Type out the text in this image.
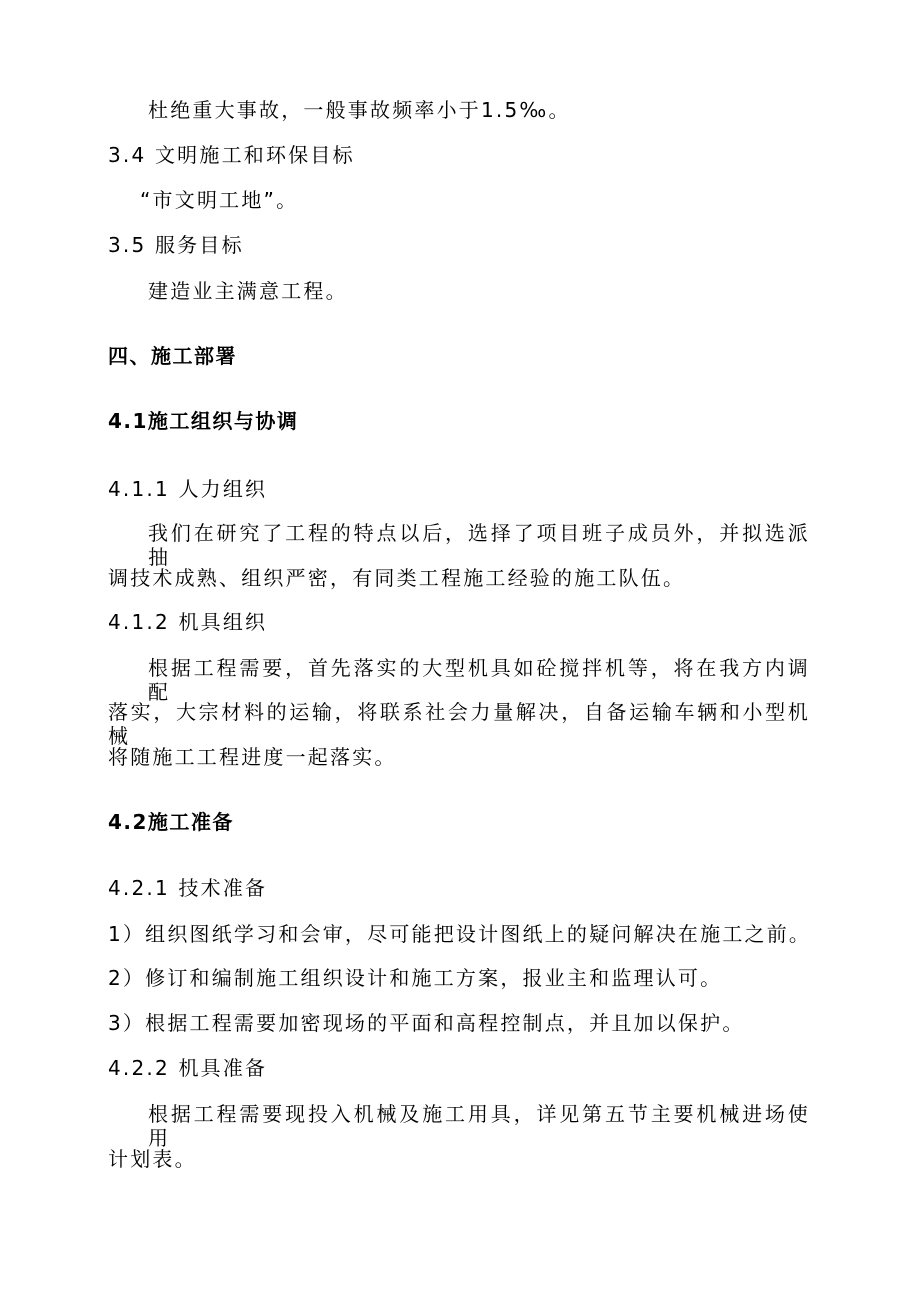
杜绝重大事故，一般事故频率小于1.5‰。
3.4 文明施工和环保目标
“市文明工地”。
3.5 服务目标
建造业主满意工程。
四、施工部署
4.1施工组织与协调
4.1.1 人力组织
我们在研究了工程的特点以后，选择了项目班子成员外，并拟选派抽
调技术成熟、组织严密，有同类工程施工经验的施工队伍。
4.1.2 机具组织
根据工程需要，首先落实的大型机具如砼搅拌机等，将在我方内调配
落实，大宗材料的运输，将联系社会力量解决，自备运输车辆和小型机械
将随施工工程进度一起落实。
4.2施工准备
4.2.1 技术准备
1）组织图纸学习和会审，尽可能把设计图纸上的疑问解决在施工之前。
2）修订和编制施工组织设计和施工方案，报业主和监理认可。
3）根据工程需要加密现场的平面和高程控制点，并且加以保护。
4.2.2 机具准备
根据工程需要现投入机械及施工用具，详见第五节主要机械进场使用
计划表。
